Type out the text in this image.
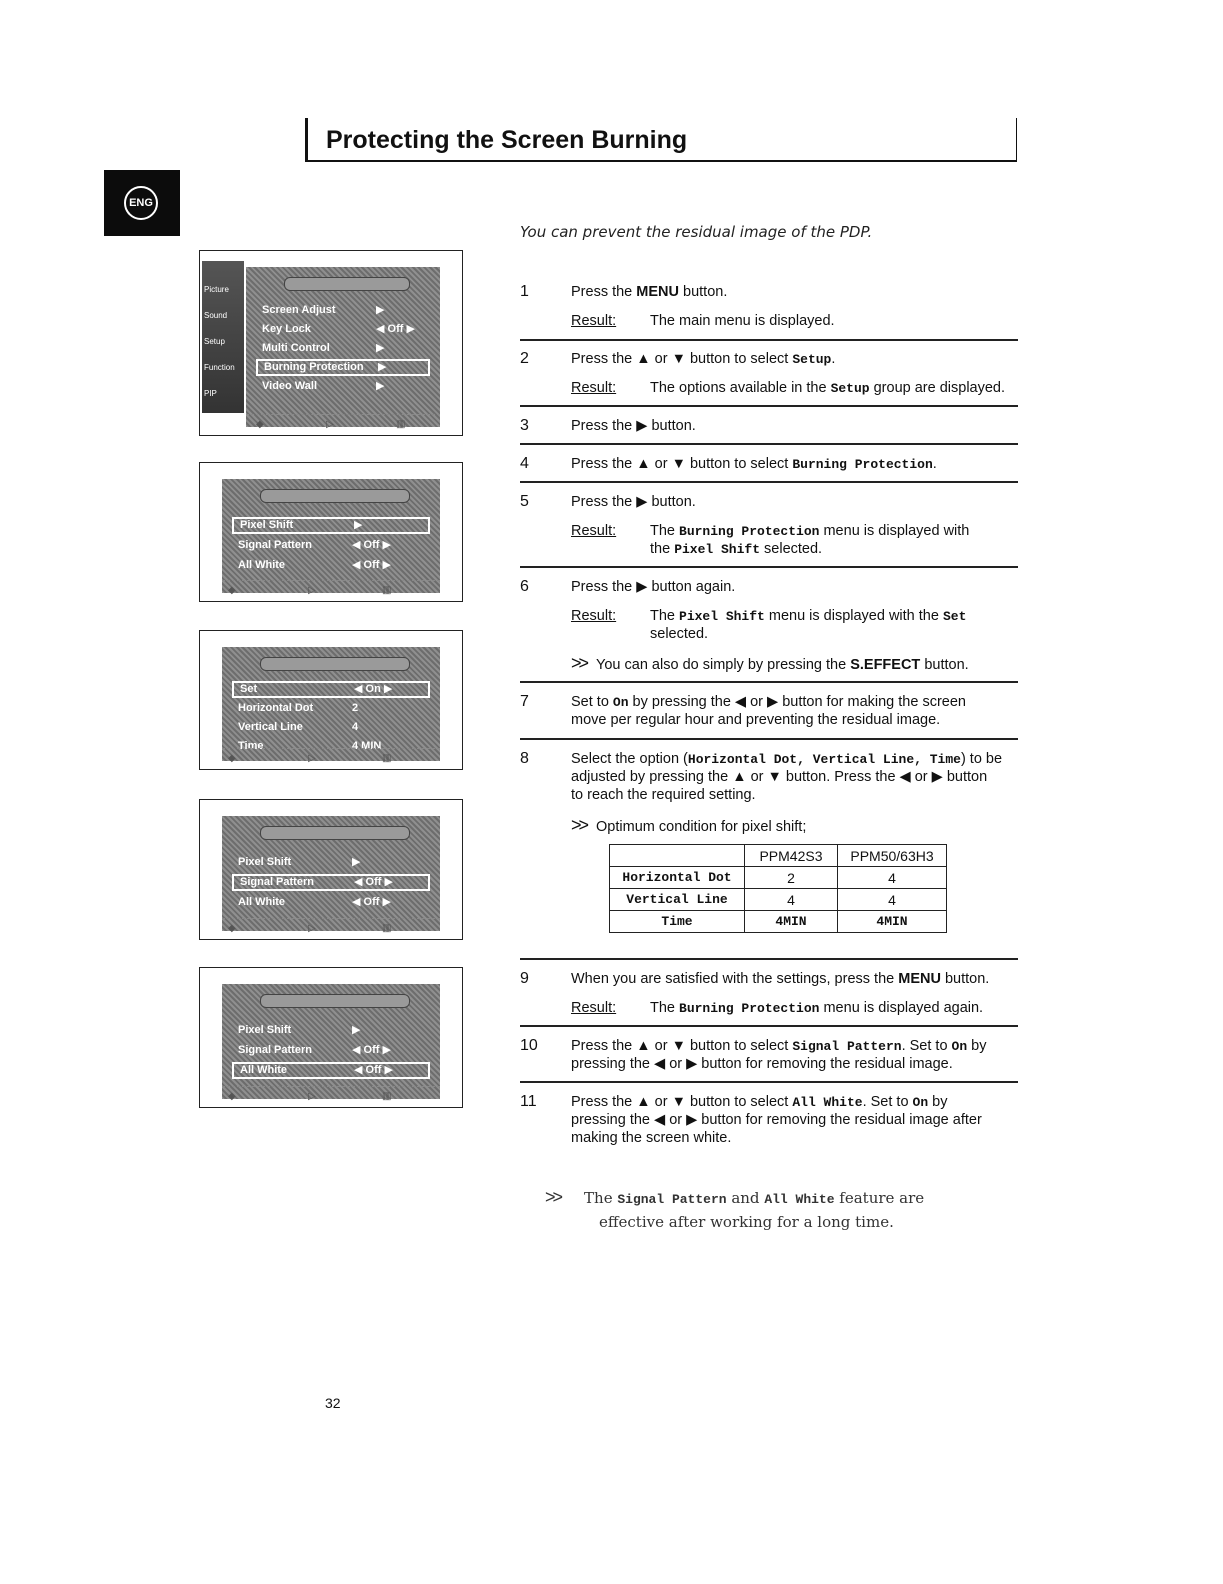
Protecting the Screen Burning
ENG
You can prevent the residual image of the PDP.
1	Press the MENU button.
Result: The main menu is displayed.
2	Press the ▲ or ▼ button to select Setup.
Result: The options available in the Setup group are displayed.
3	Press the ▶ button.
4	Press the ▲ or ▼ button to select Burning Protection.
5	Press the ▶ button.
Result: The Burning Protection menu is displayed with
the Pixel Shift selected.
6	Press the ▶ button again.
Result: The Pixel Shift menu is displayed with the Set
selected.
>> You can also do simply by pressing the S.EFFECT button.
7	Set to On by pressing the ◀ or ▶ button for making the screen
move per regular hour and preventing the residual image.
8	Select the option (Horizontal Dot, Vertical Line, Time) to be
adjusted by pressing the ▲ or ▼ button. Press the ◀ or ▶ button
to reach the required setting.
>> Optimum condition for pixel shift;
	PPM42S3	PPM50/63H3
Horizontal Dot	2	4
Vertical Line	4	4
Time	4MIN	4MIN
9	When you are satisfied with the settings, press the MENU button.
Result: The Burning Protection menu is displayed again.
10	Press the ▲ or ▼ button to select Signal Pattern. Set to On by
pressing the ◀ or ▶ button for removing the residual image.
11	Press the ▲ or ▼ button to select All White. Set to On by
pressing the ◀ or ▶ button for removing the residual image after
making the screen white.
>> The Signal Pattern and All White feature are
effective after working for a long time.
32
Screen Adjust	▶
Key Lock	◀ Off ▶
Multi Control	▶
Burning Protection ▶
Video Wall	▶
Picture
Sound
Setup
Function
PIP
◆	▷	▥
Pixel Shift	▶
Signal Pattern	◀ Off ▶
All White	◀ Off ▶
◆	▷	▥
Set	◀ On ▶
Horizontal Dot	2
Vertical Line	4
Time	4 MIN
◆	▷	▥
Pixel Shift	▶
Signal Pattern	◀ Off ▶
All White	◀ Off ▶
◆	▷	▥
Pixel Shift	▶
Signal Pattern	◀ Off ▶
All White	◀ Off ▶
◆	▷	▥
